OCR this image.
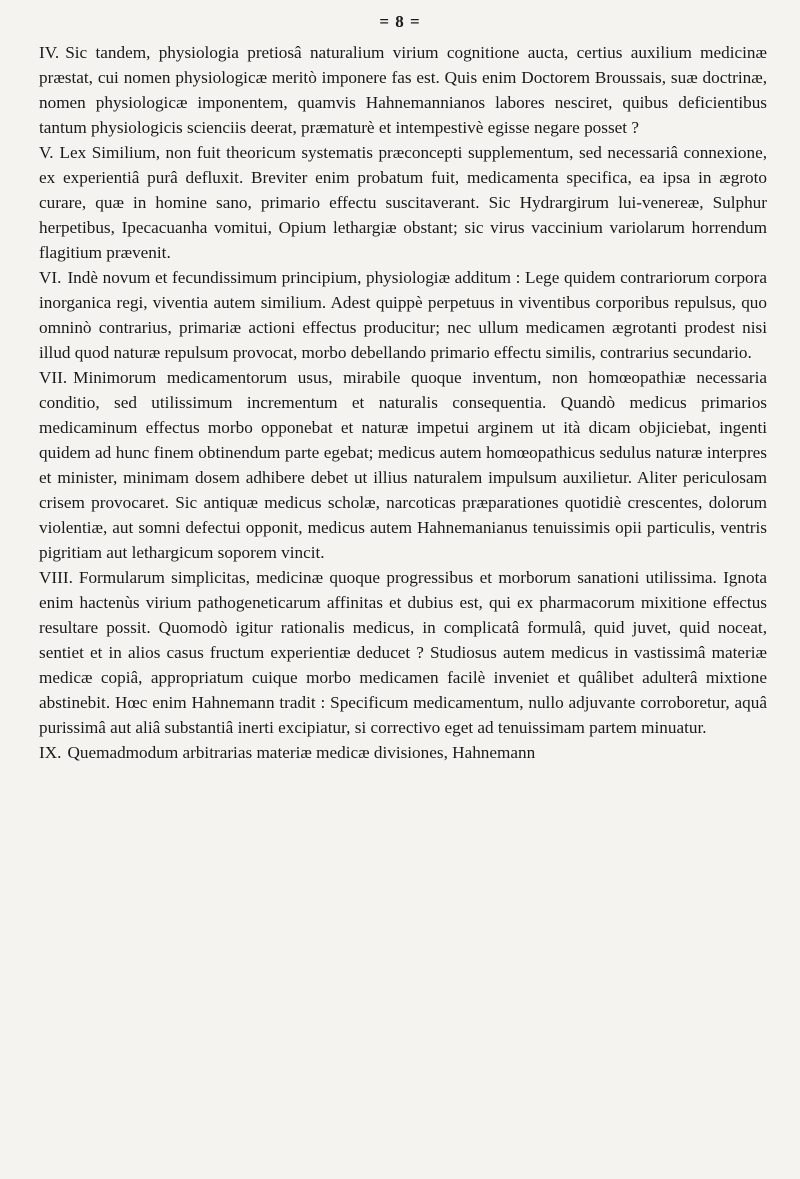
= 8 =

IV. Sic tandem, physiologia pretiosâ naturalium virium cognitione aucta, certius auxilium medicinæ præstat, cui nomen physiologicæ meritò imponere fas est. Quis enim Doctorem Broussais, suæ doctrinæ, nomen physiologicæ imponentem, quamvis Hahnemannianos labores nesciret, quibus deficientibus tantum physiologicis scienciis deerat, præmaturè et intempestivè egisse negare posset ?

V. Lex Similium, non fuit theoricum systematis præconcepti supplementum, sed necessariâ connexione, ex experientiâ purâ defluxit. Breviter enim probatum fuit, medicamenta specifica, ea ipsa in ægroto curare, quæ in homine sano, primario effectu suscitaverant. Sic Hydrargirum lui-venereæ, Sulphur herpetibus, Ipecacuanha vomitui, Opium lethargiæ obstant; sic virus vaccinium variolarum horrendum flagitium prævenit.

VI. Indè novum et fecundissimum principium, physiologiæ additum : Lege quidem contrariorum corpora inorganica regi, viventia autem similium. Adest quippè perpetuus in viventibus corporibus repulsus, quo omninò contrarius, primariæ actioni effectus producitur; nec ullum medicamen ægrotanti prodest nisi illud quod naturæ repulsum provocat, morbo debellando primario effectu similis, contrarius secundario.

VII. Minimorum medicamentorum usus, mirabile quoque inventum, non homœopathiæ necessaria conditio, sed utilissimum incrementum et naturalis consequentia. Quandò medicus primarios medicaminum effectus morbo opponebat et naturæ impetui arginem ut ità dicam objiciebat, ingenti quidem ad hunc finem obtinendum parte egebat; medicus autem homœopathicus sedulus naturæ interpres et minister, minimam dosem adhibere debet ut illius naturalem impulsum auxilietur. Aliter periculosam crisem provocaret. Sic antiquæ medicus scholæ, narcoticas præparationes quotidiè crescentes, dolorum violentiæ, aut somni defectui opponit, medicus autem Hahnemanianus tenuissimis opii particulis, ventris pigritiam aut lethargicum soporem vincit.

VIII. Formularum simplicitas, medicinæ quoque progressibus et morborum sanationi utilissima. Ignota enim hactenùs virium pathogeneticarum affinitas et dubius est, qui ex pharmacorum mixitione effectus resultare possit. Quomodò igitur rationalis medicus, in complicatâ formulâ, quid juvet, quid noceat, sentiet et in alios casus fructum experientiæ deducet ? Studiosus autem medicus in vastissimâ materiæ medicæ copiâ, appropriatum cuique morbo medicamen facilè inveniet et quâlibet adulterâ mixtione abstinebit. Hœc enim Hahnemann tradit : Specificum medicamentum, nullo adjuvante corroboretur, aquâ purissimâ aut aliâ substantiâ inerti excipiatur, si correctivo eget ad tenuissimam partem minuatur.

IX. Quemadmodum arbitrarias materiæ medicæ divisiones, Hahnemann
